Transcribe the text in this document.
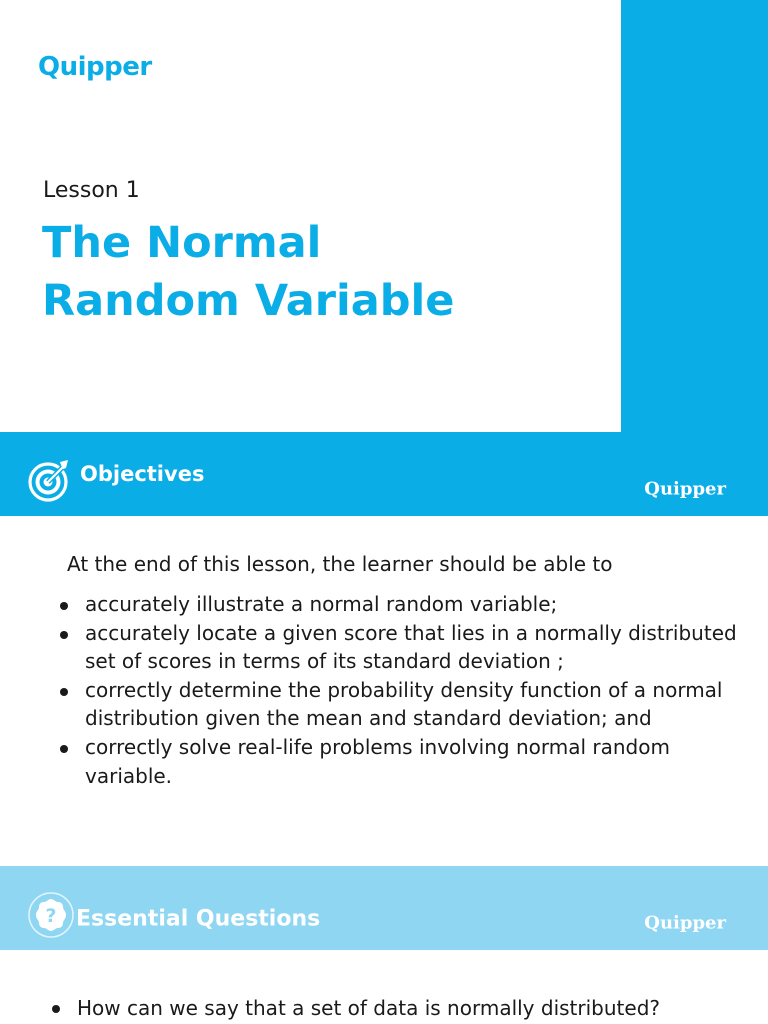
Quipper
Lesson 1
The Normal
Random Variable
Objectives
Quipper

At the end of this lesson, the learner should be able to

accurately illustrate a normal random variable;
accurately locate a given score that lies in a normally distributed set of scores in terms of its standard deviation ;
correctly determine the probability density function of a normal distribution given the mean and standard deviation; and
correctly solve real-life problems involving normal random variable.
? Essential Questions	Quipper
How can we say that a set of data is normally distributed?
